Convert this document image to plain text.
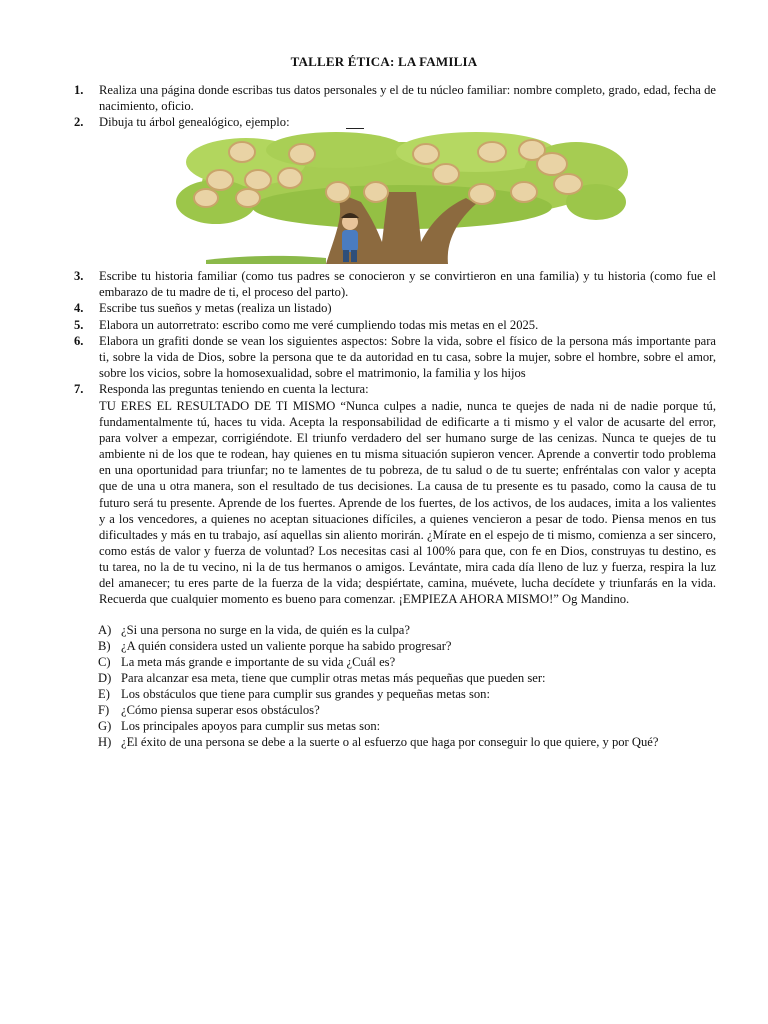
TALLER ÉTICA: LA FAMILIA
1.	Realiza una página donde escribas tus datos personales y el de tu núcleo familiar: nombre completo, grado, edad, fecha de nacimiento, oficio.
2.	Dibuja tu árbol genealógico, ejemplo:
3.	Escribe tu historia familiar (como tus padres se conocieron y se convirtieron en una familia) y tu historia (como fue el embarazo de tu madre de ti, el proceso del parto).
4.	Escribe tus sueños y metas (realiza un listado)
5.	Elabora un autorretrato: escribo como me veré cumpliendo todas mis metas en el 2025.
6.	Elabora un grafiti donde se vean los siguientes aspectos: Sobre la vida, sobre el físico de la persona más importante para ti, sobre la vida de Dios, sobre la persona que te da autoridad en tu casa, sobre la mujer, sobre el hombre, sobre el amor, sobre los vicios, sobre la homosexualidad, sobre el matrimonio, la familia y los hijos
7.	Responda las preguntas teniendo en cuenta la lectura:
TU ERES EL RESULTADO DE TI MISMO “Nunca culpes a nadie, nunca te quejes de nada ni de nadie porque tú, fundamentalmente tú, haces tu vida. Acepta la responsabilidad de edificarte a ti mismo y el valor de acusarte del error, para volver a empezar, corrigiéndote. El triunfo verdadero del ser humano surge de las cenizas. Nunca te quejes de tu ambiente ni de los que te rodean, hay quienes en tu misma situación supieron vencer. Aprende a convertir todo problema en una oportunidad para triunfar; no te lamentes de tu pobreza, de tu salud o de tu suerte; enfréntalas con valor y acepta que de una u otra manera, son el resultado de tus decisiones. La causa de tu presente es tu pasado, como la causa de tu futuro será tu presente. Aprende de los fuertes. Aprende de los fuertes, de los activos, de los audaces, imita a los valientes y a los vencedores, a quienes no aceptan situaciones difíciles, a quienes vencieron a pesar de todo. Piensa menos en tus dificultades y más en tu trabajo, así aquellas sin aliento morirán. ¿Mírate en el espejo de ti mismo, comienza a ser sincero, como estás de valor y fuerza de voluntad? Los necesitas casi al 100% para que, con fe en Dios, construyas tu destino, es tu tarea, no la de tu vecino, ni la de tus hermanos o amigos. Levántate, mira cada día lleno de luz y fuerza, respira la luz del amanecer; tu eres parte de la fuerza de la vida; despiértate, camina, muévete, lucha decídete y triunfarás en la vida. Recuerda que cualquier momento es bueno para comenzar. ¡EMPIEZA AHORA MISMO!” Og Mandino.
A) ¿Si una persona no surge en la vida, de quién es la culpa?
B) ¿A quién considera usted un valiente porque ha sabido progresar?
C) La meta más grande e importante de su vida ¿Cuál es?
D) Para alcanzar esa meta, tiene que cumplir otras metas más pequeñas que pueden ser:
E) Los obstáculos que tiene para cumplir sus grandes y pequeñas metas son:
F) ¿Cómo piensa superar esos obstáculos?
G) Los principales apoyos para cumplir sus metas son:
H) ¿El éxito de una persona se debe a la suerte o al esfuerzo que haga por conseguir lo que quiere, y por Qué?
